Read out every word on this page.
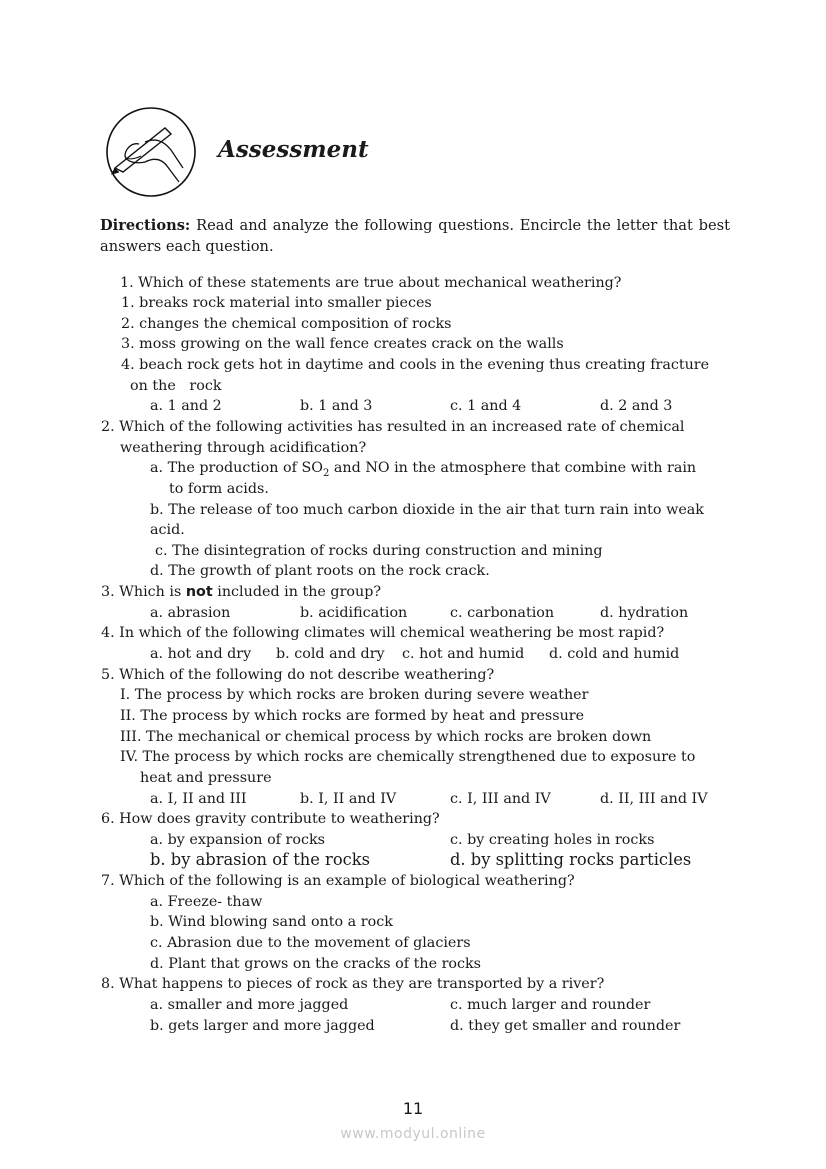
Assessment
Directions: Read and analyze the following questions. Encircle the letter that best answers each question.
1. Which of these statements are true about mechanical weathering?
1. breaks rock material into smaller pieces
2. changes the chemical composition of rocks
3. moss growing on the wall fence creates crack on the walls
4. beach rock gets hot in daytime and cools in the evening thus creating fracture
on the   rock
a. 1 and 2	b. 1 and 3	c. 1 and 4	d. 2 and 3
2. Which of the following activities has resulted in an increased rate of chemical
weathering through acidification?
a. The production of $SO_2$ and NO in the atmosphere that combine with rain
to form acids.
b. The release of too much carbon dioxide in the air that turn rain into weak
acid.
c. The disintegration of rocks during construction and mining
d. The growth of plant roots on the rock crack.
3. Which is not included in the group?
a. abrasion	b. acidification	c. carbonation	d. hydration
4. In which of the following climates will chemical weathering be most rapid?
a. hot and dry b. cold and dry c. hot and humid d. cold and humid
5. Which of the following do not describe weathering?
I. The process by which rocks are broken during severe weather
II. The process by which rocks are formed by heat and pressure
III. The mechanical or chemical process by which rocks are broken down
IV. The process by which rocks are chemically strengthened due to exposure to
heat and pressure
a. I, II and III	b. I, II and IV	c. I, III and IV	d. II, III and IV
6. How does gravity contribute to weathering?
a. by expansion of rocks	c. by creating holes in rocks
b. by abrasion of the rocks	d. by splitting rocks particles
7. Which of the following is an example of biological weathering?
a. Freeze- thaw
b. Wind blowing sand onto a rock
c. Abrasion due to the movement of glaciers
d. Plant that grows on the cracks of the rocks
8. What happens to pieces of rock as they are transported by a river?
a. smaller and more jagged	c. much larger and rounder
b. gets larger and more jagged	d. they get smaller and rounder
11
www.modyul.online
